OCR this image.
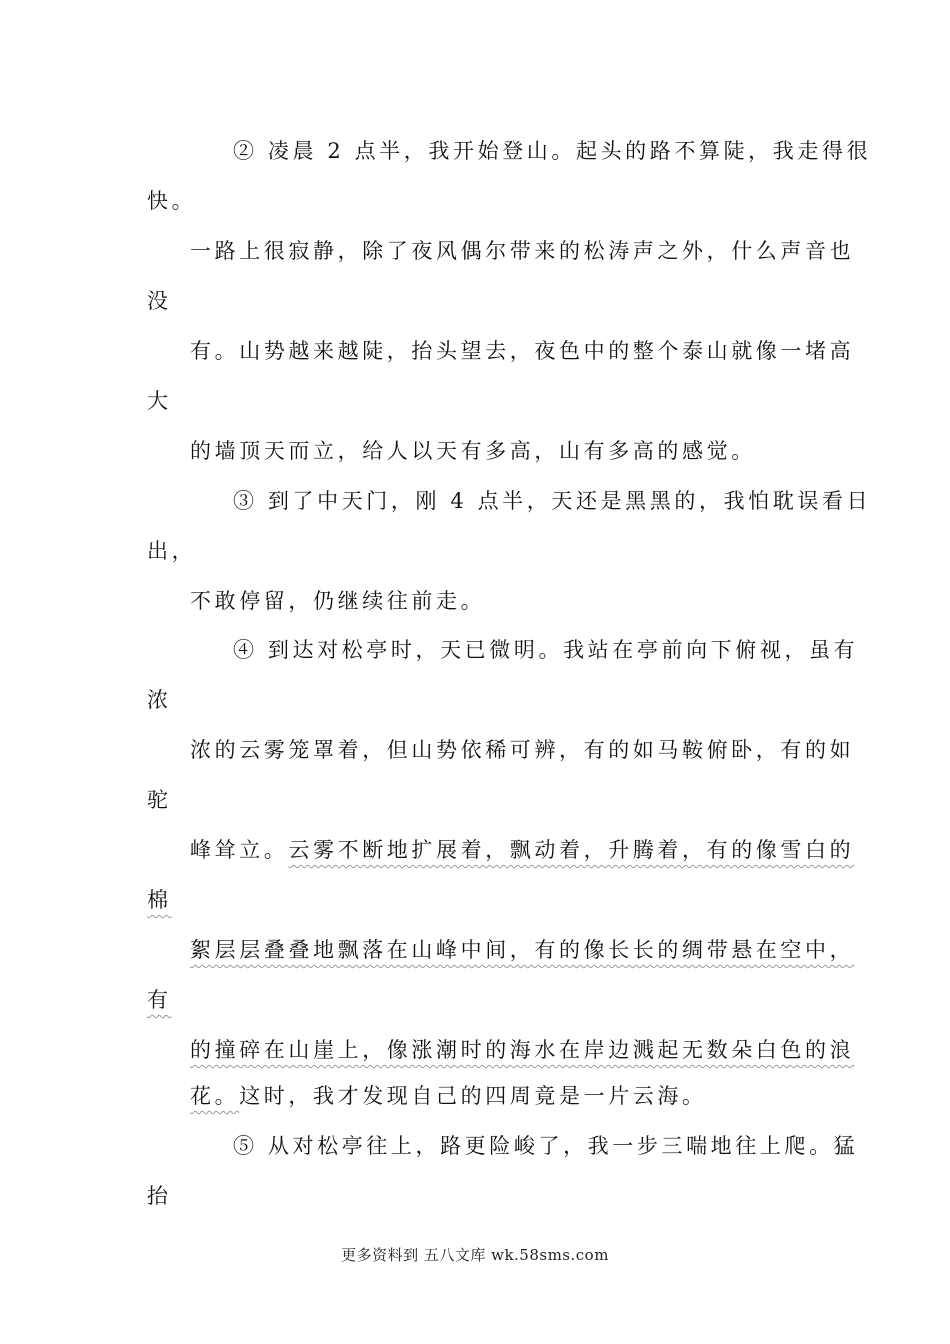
② 凌晨 2 点半，我开始登山。起头的路不算陡，我走得很
快。
一路上很寂静，除了夜风偶尔带来的松涛声之外，什么声音也
没
有。山势越来越陡，抬头望去，夜色中的整个泰山就像一堵高
大
的墙顶天而立，给人以天有多高，山有多高的感觉。
③ 到了中天门，刚 4 点半，天还是黑黑的，我怕耽误看日
出，
不敢停留，仍继续往前走。
④ 到达对松亭时，天已微明。我站在亭前向下俯视，虽有
浓
浓的云雾笼罩着，但山势依稀可辨，有的如马鞍俯卧，有的如
驼
峰耸立。云雾不断地扩展着，飘动着，升腾着，有的像雪白的
棉
絮层层叠叠地飘落在山峰中间，有的像长长的绸带悬在空中，
有
的撞碎在山崖上，像涨潮时的海水在岸边溅起无数朵白色的浪
花。这时，我才发现自己的四周竟是一片云海。
⑤ 从对松亭往上，路更险峻了，我一步三喘地往上爬。猛
抬
更多资料到 五八文库 wk.58sms.com
